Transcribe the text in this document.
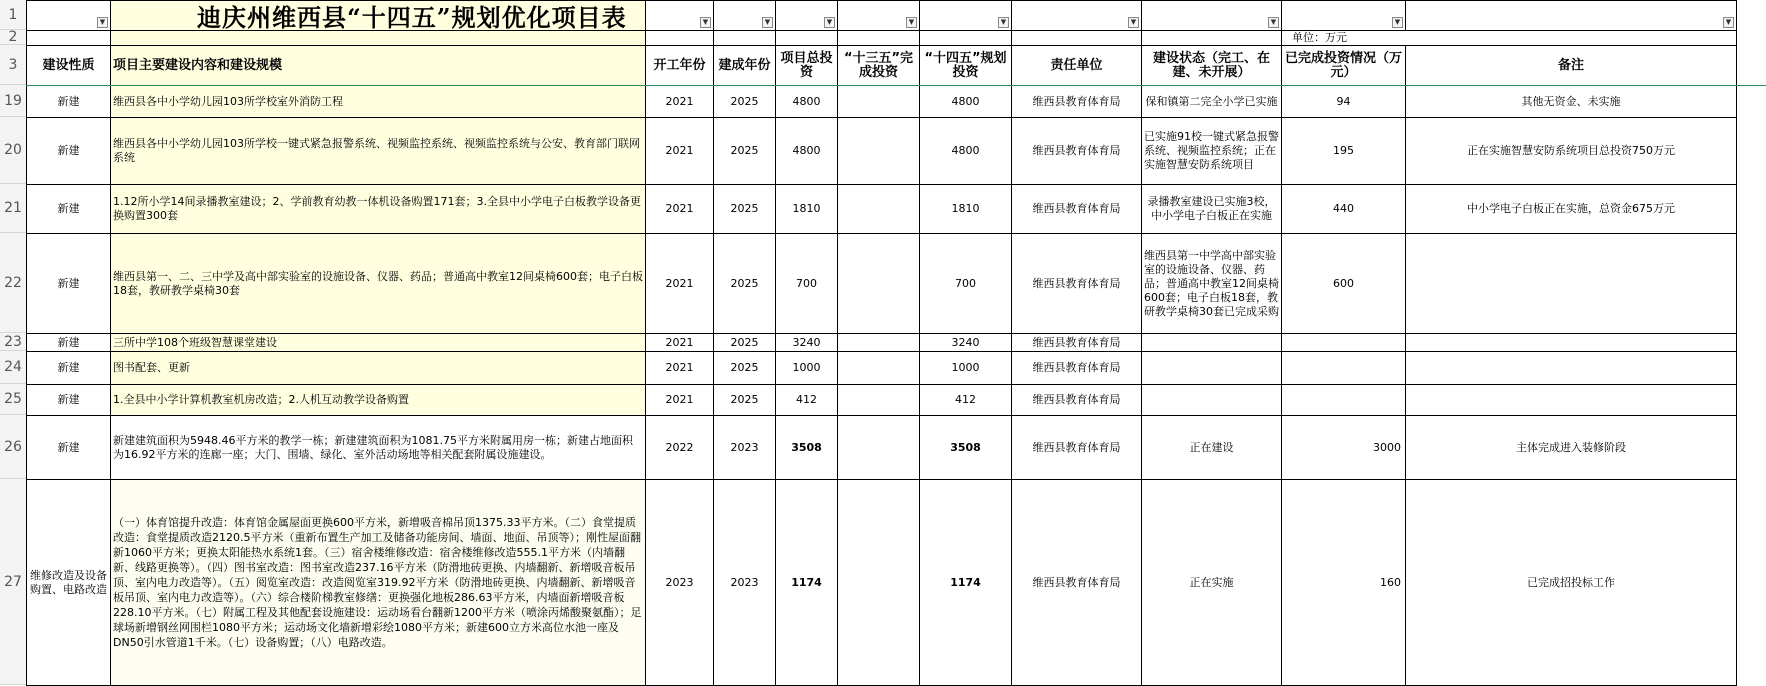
1
2
3
19
20
21
22
23
24
25
26
27
▼	迪庆州维西县“十四五”规划优化项目表	▼	▼	▼	▼	▼	▼	▼	▼	▼

									单位：万元	
建设性质	项目主要建设内容和建设规模	开工年份	建成年份	项目总投资	“十三五”完成投资	“十四五”规划投资	责任单位	建设状态（完工、在建、未开展）	已完成投资情况（万元）	备注
新建	维西县各中小学幼儿园103所学校室外消防工程	2021	2025	4800		4800	维西县教育体育局	保和镇第二完全小学已实施	94	其他无资金、未实施
新建	维西县各中小学幼儿园103所学校一键式紧急报警系统、视频监控系统、视频监控系统与公安、教育部门联网系统	2021	2025	4800		4800	维西县教育体育局	已实施91校一键式紧急报警系统、视频监控系统；正在实施智慧安防系统项目	195	正在实施智慧安防系统项目总投资750万元
新建	1.12所小学14间录播教室建设；2、学前教育幼教一体机设备购置171套；3.全县中小学电子白板教学设备更换购置300套	2021	2025	1810		1810	维西县教育体育局	录播教室建设已实施3校，中小学电子白板正在实施	440	中小学电子白板正在实施，总资金675万元
新建	维西县第一、二、三中学及高中部实验室的设施设备、仪器、药品；普通高中教室12间桌椅600套；电子白板18套，教研教学桌椅30套	2021	2025	700		700	维西县教育体育局	维西县第一中学高中部实验室的设施设备、仪器、药品；普通高中教室12间桌椅600套；电子白板18套，教研教学桌椅30套已完成采购	600	
新建	三所中学108个班级智慧课堂建设	2021	2025	3240		3240	维西县教育体育局			
新建	图书配套、更新	2021	2025	1000		1000	维西县教育体育局			
新建	1.全县中小学计算机教室机房改造；2.人机互动教学设备购置	2021	2025	412		412	维西县教育体育局			
新建	新建建筑面积为5948.46平方米的教学一栋；新建建筑面积为1081.75平方米附属用房一栋；新建占地面积为16.92平方米的连廊一座；大门、围墙、绿化、室外活动场地等相关配套附属设施建设。	2022	2023	3508		3508	维西县教育体育局	正在建设	3000	主体完成进入装修阶段
维修改造及设备购置、电路改造	（一）体育馆提升改造：体育馆金属屋面更换600平方米，新增吸音棉吊顶1375.33平方米。（二）食堂提质改造：食堂提质改造2120.5平方米（重新布置生产加工及储备功能房间、墙面、地面、吊顶等）；刚性屋面翻新1060平方米；更换太阳能热水系统1套。（三）宿舍楼维修改造：宿舍楼维修改造555.1平方米（内墙翻新、线路更换等）。（四）图书室改造：图书室改造237.16平方米（防滑地砖更换、内墙翻新、新增吸音板吊顶、室内电力改造等）。（五）阅览室改造：改造阅览室319.92平方米（防滑地砖更换、内墙翻新、新增吸音板吊顶、室内电力改造等）。（六）综合楼阶梯教室修缮：更换强化地板286.63平方米，内墙面新增吸音板228.10平方米。（七）附属工程及其他配套设施建设：运动场看台翻新1200平方米（喷涂丙烯酸聚氨酯）；足球场新增钢丝网围栏1080平方米；运动场文化墙新增彩绘1080平方米；新建600立方米高位水池一座及DN50引水管道1千米。（七）设备购置；（八）电路改造。	2023	2023	1174		1174	维西县教育体育局	正在实施	160	已完成招投标工作
